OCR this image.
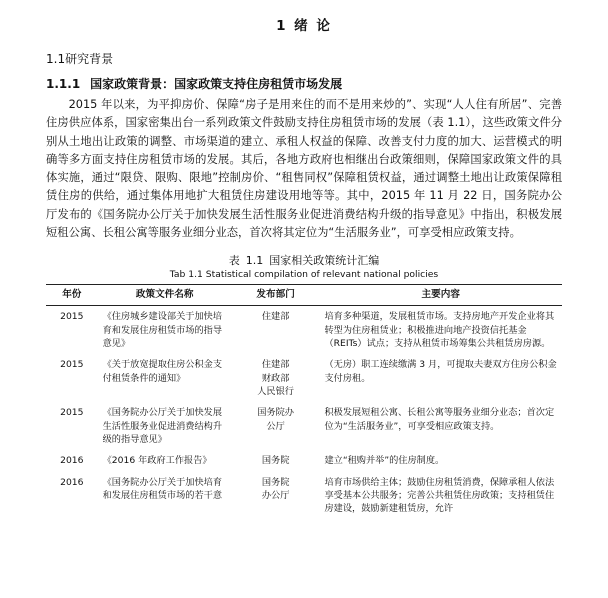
1 绪 论
1.1研究背景
1.1.1 国家政策背景：国家政策支持住房租赁市场发展

2015 年以来，为平抑房价、保障“房子是用来住的而不是用来炒的”、实现“人人住有所居”、完善住房供应体系，国家密集出台一系列政策文件鼓励支持住房租赁市场的发展（表 1.1），这些政策文件分别从土地出让政策的调整、市场渠道的建立、承租人权益的保障、改善支付力度的加大、运营模式的明确等多方面支持住房租赁市场的发展。其后，各地方政府也相继出台政策细则，保障国家政策文件的具体实施，通过“限贷、限购、限地”控制房价、“租售同权”保障租赁权益，通过调整土地出让政策保障租赁住房的供给，通过集体用地扩大租赁住房建设用地等等。其中，2015 年 11 月 22 日，国务院办公厅发布的《国务院办公厅关于加快发展生活性服务业促进消费结构升级的指导意见》中指出，积极发展短租公寓、长租公寓等服务业细分业态，首次将其定位为“生活服务业”，可享受相应政策支持。

表 1.1 国家相关政策统计汇编
Tab 1.1 Statistical compilation of relevant national policies
年份	政策文件名称	发布部门	主要内容
2015	《住房城乡建设部关于加快培育和发展住房租赁市场的指导意见》	住建部	培育多种渠道，发展租赁市场。支持房地产开发企业将其转型为住房租赁业；积极推进向地产投资信托基金（REITs）试点；支持从租赁市场筹集公共租赁房房源。
2015	《关于放宽提取住房公积金支付租赁条件的通知》	住建部
财政部
人民银行	（无房）职工连续缴满 3 月，可提取夫妻双方住房公积金支付房租。
2015	《国务院办公厅关于加快发展生活性服务业促进消费结构升级的指导意见》	国务院办
公厅	积极发展短租公寓、长租公寓等服务业细分业态；首次定位为“生活服务业”，可享受相应政策支持。
2016	《2016 年政府工作报告》	国务院	建立“租购并举”的住房制度。
2016	《国务院办公厅关于加快培育和发展住房租赁市场的若干意	国务院
办公厅	培育市场供给主体；鼓励住房租赁消费，保障承租人依法享受基本公共服务；完善公共租赁住房政策；支持租赁住房建设，鼓励新建租赁房，允许
